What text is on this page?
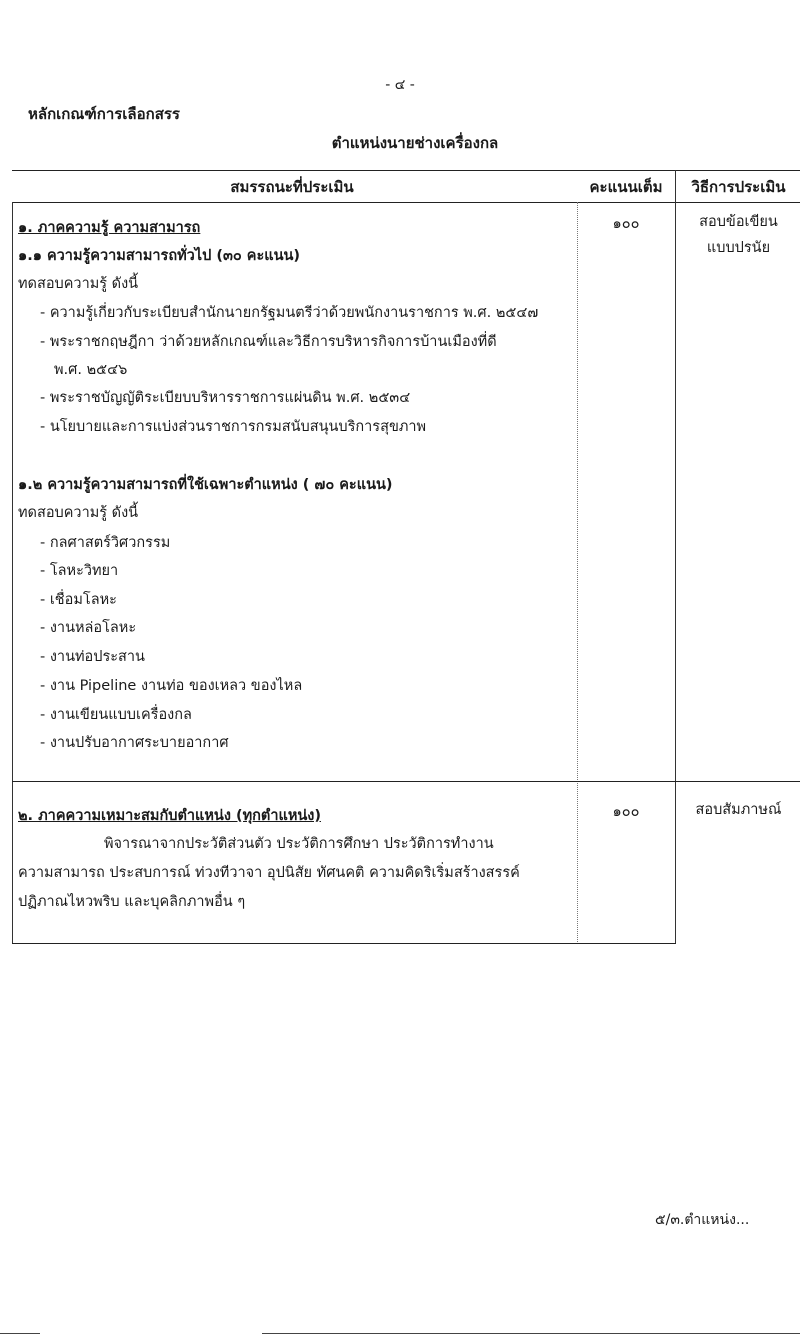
- ๔ -
หลักเกณฑ์การเลือกสรร
ตำแหน่งนายช่างเครื่องกล
สมรรถนะที่ประเมิน	คะแนนเต็ม	วิธีการประเมิน
๑. ภาคความรู้ ความสามารถ	๑๐๐	สอบข้อเขียน
แบบปรนัย
๑.๑ ความรู้ความสามารถทั่วไป (๓๐ คะแนน)
ทดสอบความรู้ ดังนี้
- ความรู้เกี่ยวกับระเบียบสำนักนายกรัฐมนตรีว่าด้วยพนักงานราชการ พ.ศ. ๒๕๔๗
- พระราชกฤษฎีกา ว่าด้วยหลักเกณฑ์และวิธีการบริหารกิจการบ้านเมืองที่ดี
พ.ศ. ๒๕๔๖
- พระราชบัญญัติระเบียบบริหารราชการแผ่นดิน พ.ศ. ๒๕๓๔
- นโยบายและการแบ่งส่วนราชการกรมสนับสนุนบริการสุขภาพ
๑.๒ ความรู้ความสามารถที่ใช้เฉพาะตำแหน่ง ( ๗๐ คะแนน)
ทดสอบความรู้ ดังนี้
- กลศาสตร์วิศวกรรม
- โลหะวิทยา
- เชื่อมโลหะ
- งานหล่อโลหะ
- งานท่อประสาน
- งาน Pipeline งานท่อ ของเหลว ของไหล
- งานเขียนแบบเครื่องกล
- งานปรับอากาศระบายอากาศ
๒. ภาคความเหมาะสมกับตำแหน่ง (ทุกตำแหน่ง)	๑๐๐	สอบสัมภาษณ์
พิจารณาจากประวัติส่วนตัว ประวัติการศึกษา ประวัติการทำงาน
ความสามารถ ประสบการณ์ ท่วงทีวาจา อุปนิสัย ทัศนคติ ความคิดริเริ่มสร้างสรรค์
ปฏิภาณไหวพริบ และบุคลิกภาพอื่น ๆ
๕/๓.ตำแหน่ง...
